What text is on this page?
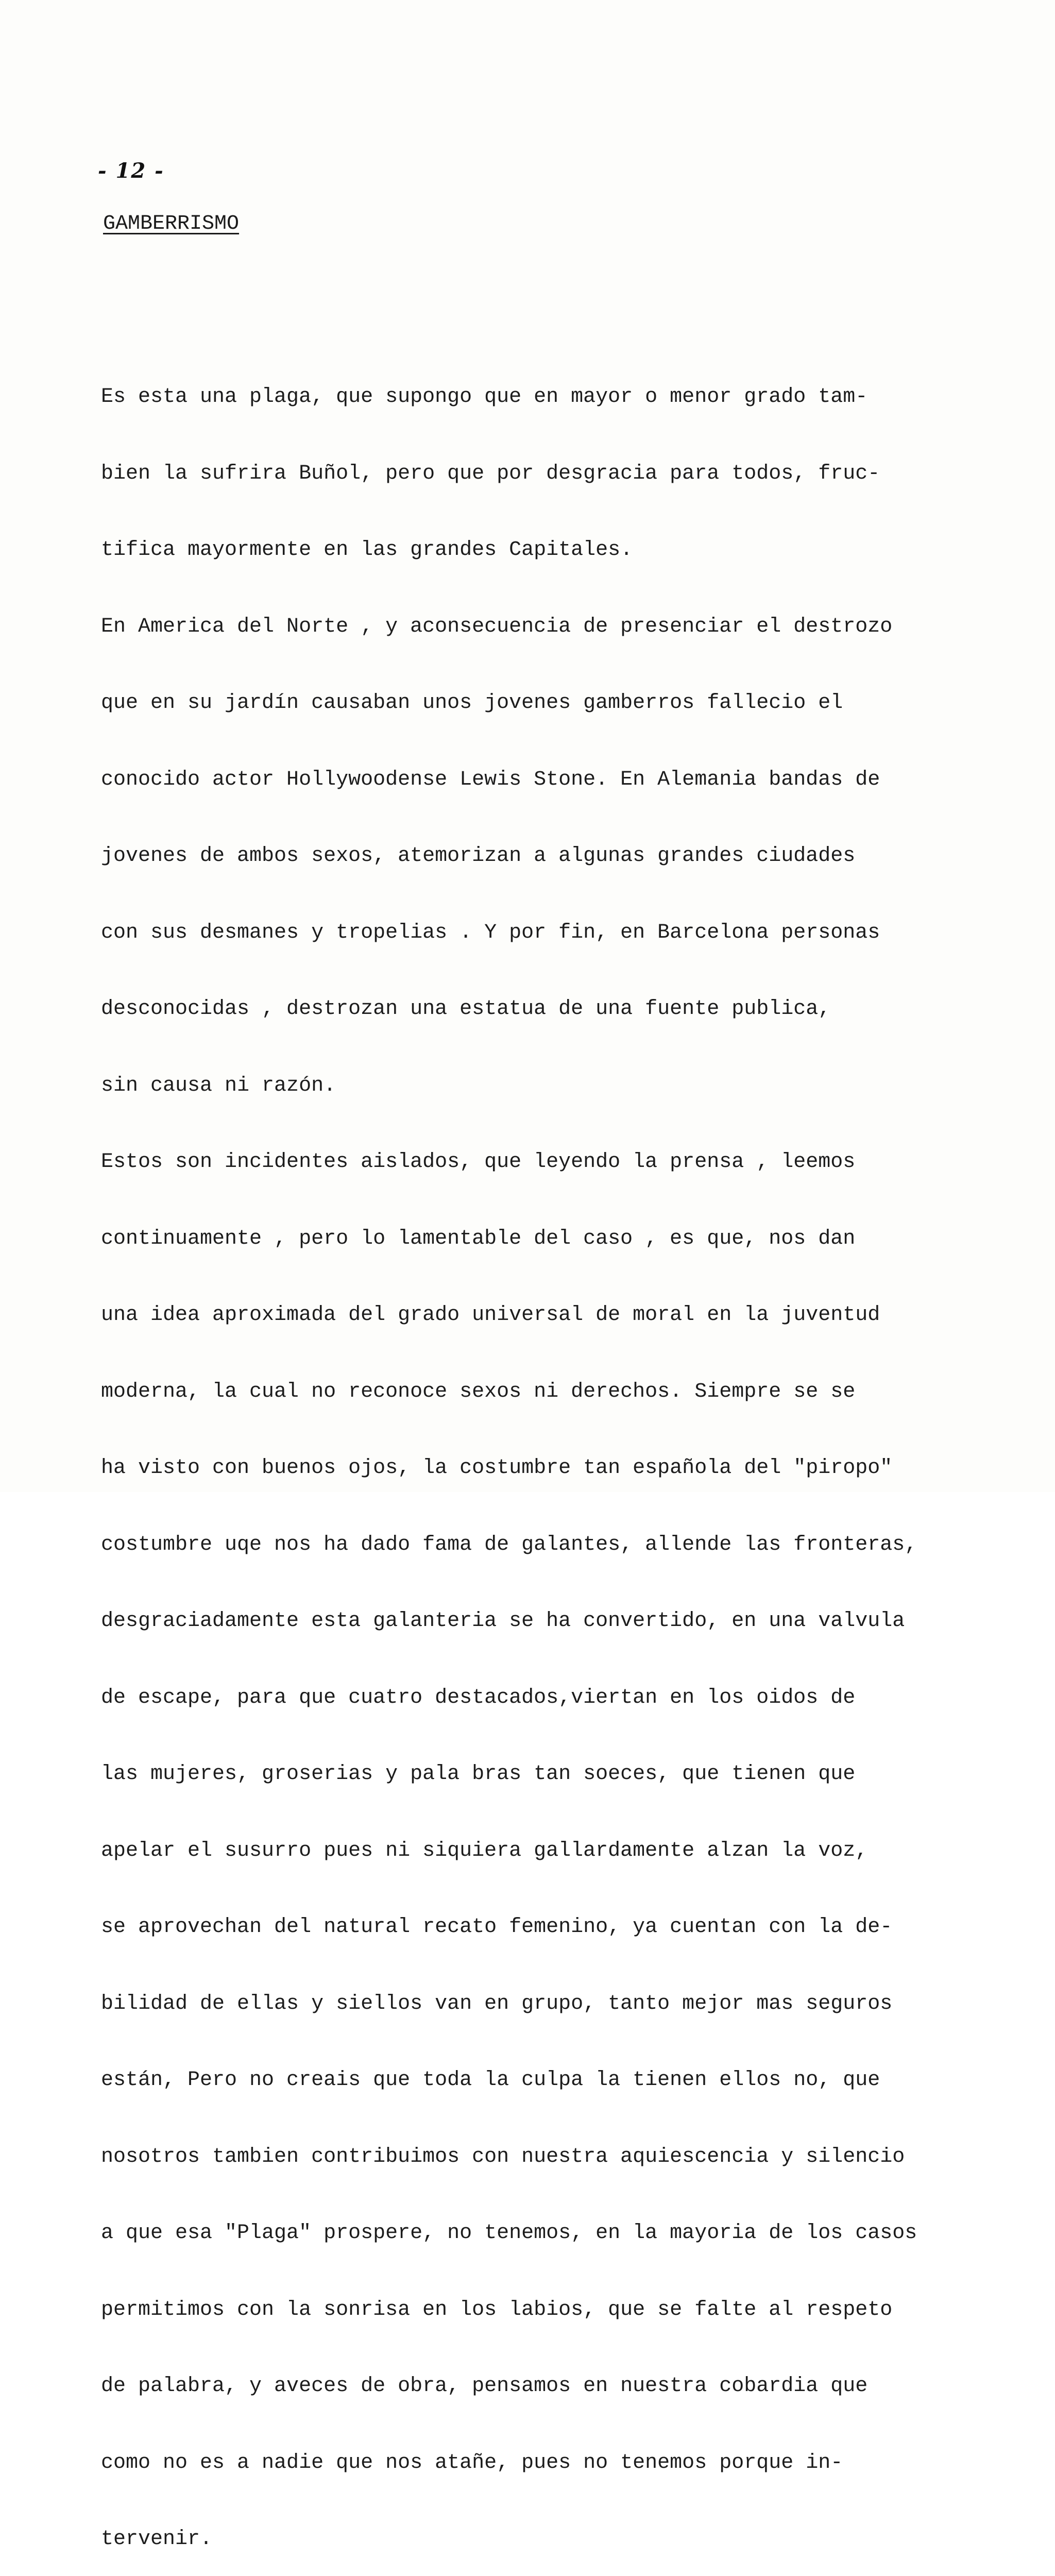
- 12 -
GAMBERRISMO

Es esta una plaga, que supongo que en mayor o menor grado tam-

bien la sufrira Buñol, pero que por desgracia para todos, fruc-

tifica mayormente en las grandes Capitales.

En America del Norte , y aconsecuencia de presenciar el destrozo

que en su jardín causaban unos jovenes gamberros fallecio el

conocido actor Hollywoodense Lewis Stone. En Alemania bandas de

jovenes de ambos sexos, atemorizan a algunas grandes ciudades

con sus desmanes y tropelias . Y por fin, en Barcelona personas

desconocidas , destrozan una estatua de una fuente publica,

sin causa ni razón.

Estos son incidentes aislados, que leyendo la prensa , leemos

continuamente , pero lo lamentable del caso , es que, nos dan

una idea aproximada del grado universal de moral en la juventud

moderna, la cual no reconoce sexos ni derechos. Siempre se se

ha visto con buenos ojos, la costumbre tan española del "piropo"

costumbre uqe nos ha dado fama de galantes, allende las fronteras,

desgraciadamente esta galanteria se ha convertido, en una valvula

de escape, para que cuatro destacados,viertan en los oidos de

las mujeres, groserias y pala bras tan soeces, que tienen que

apelar el susurro pues ni siquiera gallardamente alzan la voz,

se aprovechan del natural recato femenino, ya cuentan con la de-

bilidad de ellas y siellos van en grupo, tanto mejor mas seguros

están, Pero no creais que toda la culpa la tienen ellos no, que

nosotros tambien contribuimos con nuestra aquiescencia y silencio

a que esa "Plaga" prospere, no tenemos, en la mayoria de los casos

permitimos con la sonrisa en los labios, que se falte al respeto

de palabra, y aveces de obra, pensamos en nuestra cobardia que

como no es a nadie que nos atañe, pues no tenemos porque in-

tervenir.
